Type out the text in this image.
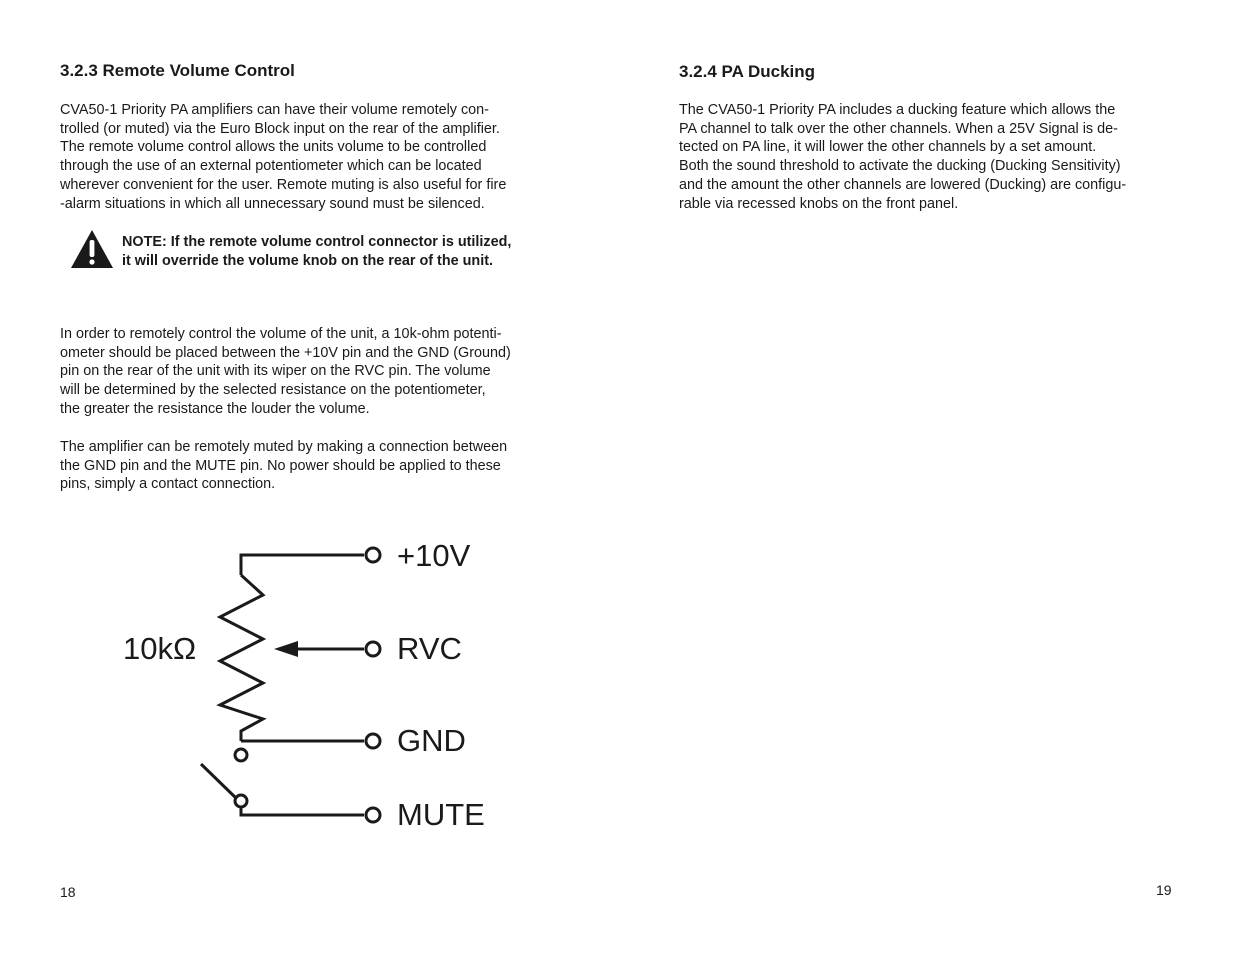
3.2.3 Remote Volume Control

CVA50-1 Priority PA amplifiers can have their volume remotely con-
trolled (or muted) via the Euro Block input on the rear of the amplifier.
The remote volume control allows the units volume to be controlled
through the use of an external potentiometer which can be located
wherever convenient for the user. Remote muting is also useful for fire
-alarm situations in which all unnecessary sound must be silenced.

NOTE: If the remote volume control connector is utilized,
it will override the volume knob on the rear of the unit.

In order to remotely control the volume of the unit, a 10k-ohm potenti-
ometer should be placed between the +10V pin and the GND (Ground)
pin on the rear of the unit with its wiper on the RVC pin. The volume
will be determined by the selected resistance on the potentiometer,
the greater the resistance the louder the volume.

The amplifier can be remotely muted by making a connection between
the GND pin and the MUTE pin. No power should be applied to these
pins, simply a contact connection.

10kΩ
+10V
RVC
GND
MUTE

18

3.2.4 PA Ducking

The CVA50-1 Priority PA includes a ducking feature which allows the
PA channel to talk over the other channels. When a 25V Signal is de-
tected on PA line, it will lower the other channels by a set amount.
Both the sound threshold to activate the ducking (Ducking Sensitivity)
and the amount the other channels are lowered (Ducking) are configu-
rable via recessed knobs on the front panel.

19
